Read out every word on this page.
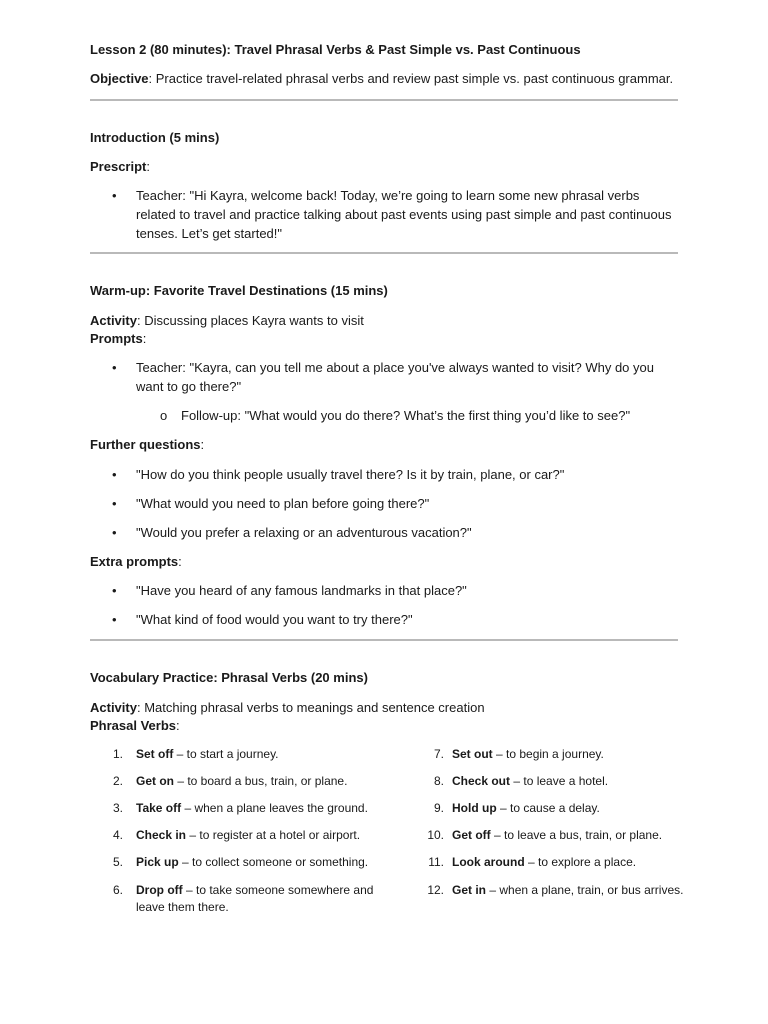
Lesson 2 (80 minutes): Travel Phrasal Verbs & Past Simple vs. Past Continuous

Objective: Practice travel-related phrasal verbs and review past simple vs. past continuous grammar.

Introduction (5 mins)

Prescript:

• Teacher: "Hi Kayra, welcome back! Today, we’re going to learn some new phrasal verbs related to travel and practice talking about past events using past simple and past continuous tenses. Let’s get started!"

Warm-up: Favorite Travel Destinations (15 mins)

Activity: Discussing places Kayra wants to visit

Prompts:

• Teacher: "Kayra, can you tell me about a place you've always wanted to visit? Why do you want to go there?"

o Follow-up: "What would you do there? What’s the first thing you’d like to see?"

Further questions:

• "How do you think people usually travel there? Is it by train, plane, or car?"

• "What would you need to plan before going there?"

• "Would you prefer a relaxing or an adventurous vacation?"

Extra prompts:

• "Have you heard of any famous landmarks in that place?"

• "What kind of food would you want to try there?"

Vocabulary Practice: Phrasal Verbs (20 mins)

Activity: Matching phrasal verbs to meanings and sentence creation

Phrasal Verbs:

1. Set off – to start a journey.

2. Get on – to board a bus, train, or plane.

3. Take off – when a plane leaves the ground.

4. Check in – to register at a hotel or airport.

5. Pick up – to collect someone or something.

6. Drop off – to take someone somewhere and leave them there.

7. Set out – to begin a journey.

8. Check out – to leave a hotel.

9. Hold up – to cause a delay.

10. Get off – to leave a bus, train, or plane.

11. Look around – to explore a place.

12. Get in – when a plane, train, or bus arrives.
